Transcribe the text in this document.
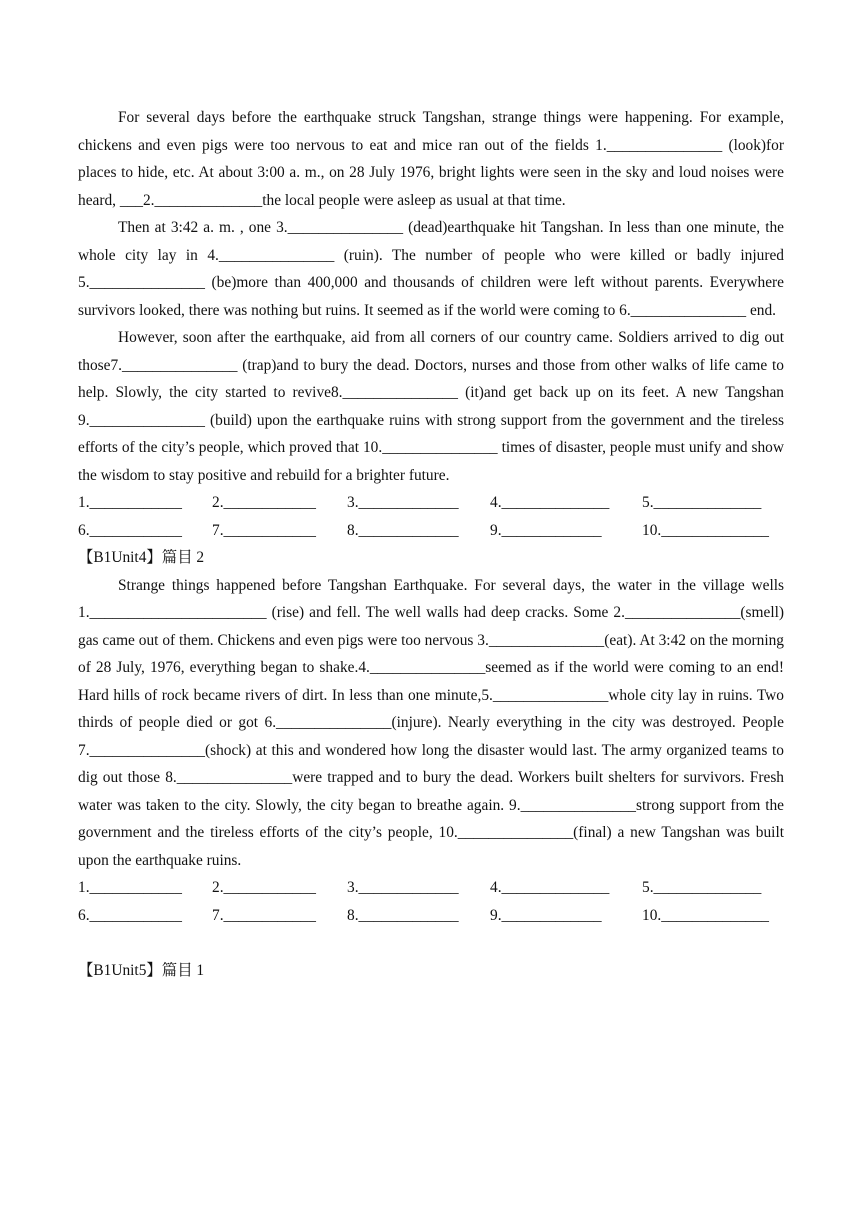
For several days before the earthquake struck Tangshan, strange things were happening. For example, chickens and even pigs were too nervous to eat and mice ran out of the fields 1._______________ (look)for places to hide, etc. At about 3:00 a. m., on 28 July 1976, bright lights were seen in the sky and loud noises were heard, ___2.______________the local people were asleep as usual at that time.

Then at 3:42 a. m. , one 3._______________ (dead)earthquake hit Tangshan. In less than one minute, the whole city lay in 4._______________ (ruin). The number of people who were killed or badly injured 5._______________ (be)more than 400,000 and thousands of children were left without parents. Everywhere survivors looked, there was nothing but ruins. It seemed as if the world were coming to 6._______________ end.

However, soon after the earthquake, aid from all corners of our country came. Soldiers arrived to dig out those7._______________ (trap)and to bury the dead. Doctors, nurses and those from other walks of life came to help. Slowly, the city started to revive8._______________ (it)and get back up on its feet. A new Tangshan 9._______________ (build) upon the earthquake ruins with strong support from the government and the tireless efforts of the city’s people, which proved that 10._______________ times of disaster, people must unify and show the wisdom to stay positive and rebuild for a brighter future.

1.____________	2.____________	3._____________	4.______________	5.______________
6.____________	7.____________	8._____________	9._____________	10.______________
【B1Unit4】篇目 2

Strange things happened before Tangshan Earthquake. For several days, the water in the village wells 1._______________________ (rise) and fell. The well walls had deep cracks. Some 2._______________(smell) gas came out of them. Chickens and even pigs were too nervous 3._______________(eat). At 3:42 on the morning of 28 July, 1976, everything began to shake.4._______________seemed as if the world were coming to an end! Hard hills of rock became rivers of dirt. In less than one minute,5._______________whole city lay in ruins. Two thirds of people died or got 6._______________(injure). Nearly everything in the city was destroyed. People 7._______________(shock) at this and wondered how long the disaster would last. The army organized teams to dig out those 8._______________were trapped and to bury the dead. Workers built shelters for survivors. Fresh water was taken to the city. Slowly, the city began to breathe again. 9._______________strong support from the government and the tireless efforts of the city’s people, 10._______________(final) a new Tangshan was built upon the earthquake ruins.

1.____________	2.____________	3._____________	4.______________	5.______________
6.____________	7.____________	8._____________	9._____________	10.______________
【B1Unit5】篇目 1
